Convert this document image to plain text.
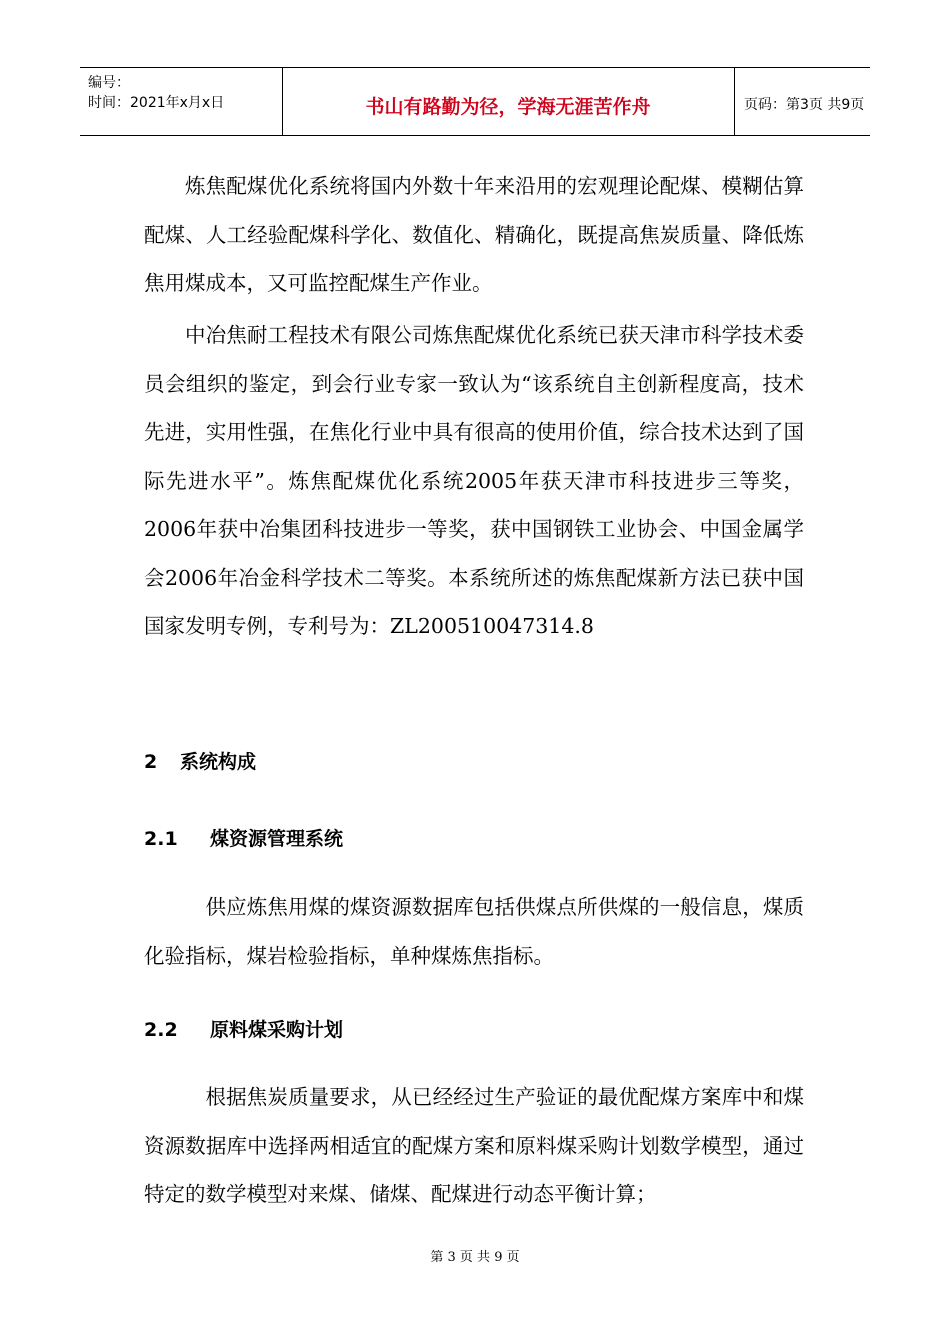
编号：
时间：2021年x月x日	书山有路勤为径，学海无涯苦作舟	页码：第3页 共9页

炼焦配煤优化系统将国内外数十年来沿用的宏观理论配煤、模糊估算配煤、人工经验配煤科学化、数值化、精确化，既提高焦炭质量、降低炼焦用煤成本，又可监控配煤生产作业。

中冶焦耐工程技术有限公司炼焦配煤优化系统已获天津市科学技术委员会组织的鉴定，到会行业专家一致认为“该系统自主创新程度高，技术先进，实用性强，在焦化行业中具有很高的使用价值，综合技术达到了国际先进水平”。炼焦配煤优化系统2005年获天津市科技进步三等奖，2006年获中冶集团科技进步一等奖，获中国钢铁工业协会、中国金属学会2006年冶金科学技术二等奖。本系统所述的炼焦配煤新方法已获中国国家发明专例，专利号为：ZL200510047314.8

2 系统构成
2.1 煤资源管理系统

供应炼焦用煤的煤资源数据库包括供煤点所供煤的一般信息，煤质化验指标，煤岩检验指标，单种煤炼焦指标。

2.2 原料煤采购计划

根据焦炭质量要求，从已经经过生产验证的最优配煤方案库中和煤资源数据库中选择两相适宜的配煤方案和原料煤采购计划数学模型，通过特定的数学模型对来煤、储煤、配煤进行动态平衡计算；

第 3 页 共 9 页
